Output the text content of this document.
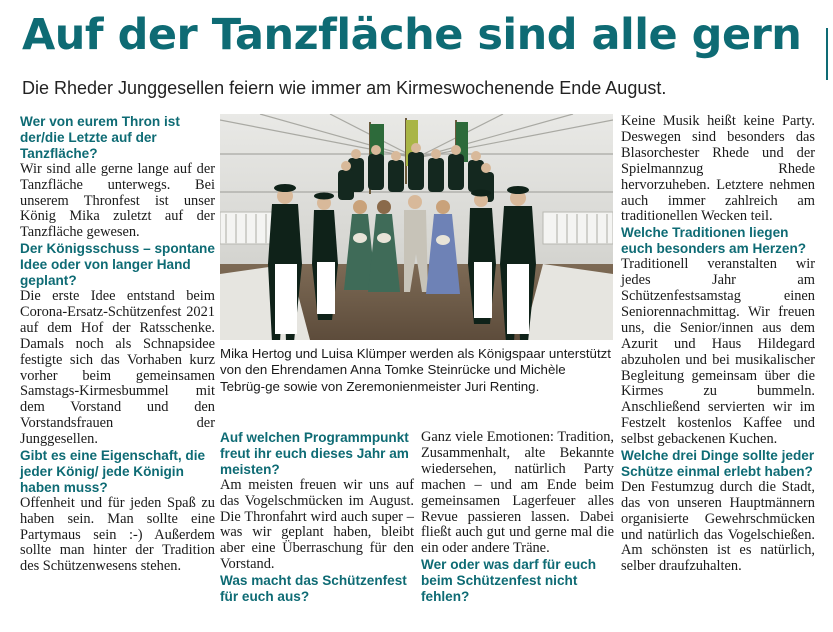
Auf der Tanzfläche sind alle gern
Die Rheder Junggesellen feiern wie immer am Kirmeswochenende Ende August.

Wer von eurem Thron ist der/die Letzte auf der Tanzfläche?

Wir sind alle gerne lange auf der Tanzfläche unterwegs. Bei unserem Thronfest ist unser König Mika zuletzt auf der Tanzfläche gewesen.

Der Königsschuss – spontane Idee oder von langer Hand geplant?

Die erste Idee entstand beim Corona-Ersatz-Schützenfest 2021 auf dem Hof der Ratsschenke. Damals noch als Schnapsidee festigte sich das Vorhaben kurz vorher beim gemeinsamen Samstags-Kirmesbummel mit dem Vorstand und den Vorstandsfrauen der Junggesellen.

Gibt es eine Eigenschaft, die jeder König/ jede Königin haben muss?

Offenheit und für jeden Spaß zu haben sein. Man sollte eine Partymaus sein :-) Außerdem sollte man hinter der Tradition des Schützenwesens stehen.

Mika Hertog und Luisa Klümper werden als Königspaar unterstützt von den Ehrendamen Anna Tomke Steinrücke und Michèle Tebrüg-ge sowie von Zeremonienmeister Juri Renting.

Auf welchen Programmpunkt freut ihr euch dieses Jahr am meisten?

Am meisten freuen wir uns auf das Vogelschmücken im August. Die Thronfahrt wird auch super – was wir geplant haben, bleibt aber eine Überraschung für den Vorstand.

Was macht das Schützenfest für euch aus?

Ganz viele Emotionen: Tradition, Zusammenhalt, alte Bekannte wiedersehen, natürlich Party machen – und am Ende beim gemeinsamen Lagerfeuer alles Revue passieren lassen. Dabei fließt auch gut und gerne mal die ein oder andere Träne.

Wer oder was darf für euch beim Schützenfest nicht fehlen?

Keine Musik heißt keine Party. Deswegen sind besonders das Blasorchester Rhede und der Spielmannzug Rhede hervorzuheben. Letztere nehmen auch immer zahlreich am traditionellen Wecken teil.

Welche Traditionen liegen euch besonders am Herzen?

Traditionell veranstalten wir jedes Jahr am Schützenfestsamstag einen Seniorennachmittag. Wir freuen uns, die Senior/innen aus dem Azurit und Haus Hildegard abzuholen und bei musikalischer Begleitung gemeinsam über die Kirmes zu bummeln. Anschließend servierten wir im Festzelt kostenlos Kaffee und selbst gebackenen Kuchen.

Welche drei Dinge sollte jeder Schütze einmal erlebt haben?

Den Festumzug durch die Stadt, das von unseren Hauptmännern organisierte Gewehrschmücken und natürlich das Vogelschießen. Am schönsten ist es natürlich, selber draufzuhalten.
